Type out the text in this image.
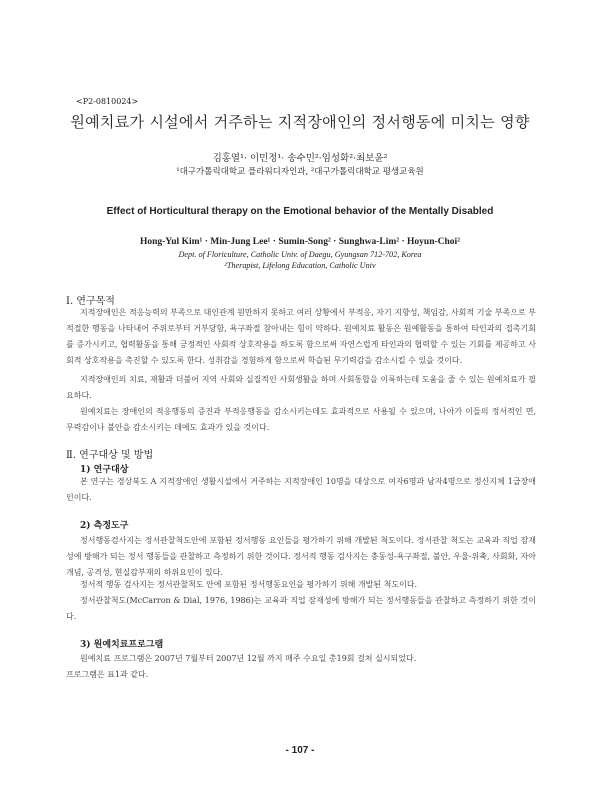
<P2-0810024>
원예치료가 시설에서 거주하는 지적장애인의 정서행동에 미치는 영향
김홍열¹· 이민정¹· 송수민²·임성화²·최보윤²
¹대구가톨릭대학교 플라워디자인과, ²대구가톨릭대학교 평생교육원
Effect of Horticultural therapy on the Emotional behavior of the Mentally Disabled
Hong-Yul Kim¹ · Min-Jung Lee¹ · Sumin-Song² · Sunghwa-Lim² · Hoyun-Choi²
Dept. of Floriculture, Catholic Univ. of Daegu, Gyungsan 712-702, Korea
²Therapist, Lifelong Education, Catholic Univ
Ⅰ. 연구목적
지적장애인은 적응능력의 부족으로 대인관계 원만하지 못하고 여러 상황에서 부적응, 자기 지향성, 책임감, 사회적 기술 부족으로 부적절한 행동을 나타내어 주위로부터 거부당함, 욕구좌절 참아내는 힘이 약하다. 원예치료 활동은 원예활동을 통하여 타인과의 접촉기회를 증가시키고, 협력활동을 통해 긍정적인 사회적 상호작용을 하도록 함으로써 자연스럽게 타인과의 협력할 수 있는 기회를 제공하고 사회적 상호작용을 촉진할 수 있도록 한다. 성취감을 경험하게 함으로써 학습된 무기력감을 감소시킬 수 있을 것이다.
지적장애인의 치료, 재활과 더불어 지역 사회와 실질적인 사회생활을 하며 사회통합을 이룩하는데 도움을 줄 수 있는 원예치료가 필요하다.
원예치료는 장애인의 적응행동의 증진과 부적응행동을 감소시키는데도 효과적으로 사용될 수 있으며, 나아가 이들의 정서적인 면, 무력감이나 불안을 감소시키는 데에도 효과가 있을 것이다.
Ⅱ. 연구대상 및 방법
1) 연구대상
본 연구는 경상북도 A 지적장애인 생활시설에서 거주하는 지적장애인 10명을 대상으로 여자6명과 남자4명으로 정신지체 1급장애인이다.
2) 측정도구
정서행동검사지는 정서관찰척도안에 포함된 정서행동 요인들을 평가하기 위해 개발된 척도이다. 정서관찰 척도는 교육과 직업 잠재성에 방해가 되는 정서 행동들을 관찰하고 측정하기 위한 것이다. 정서적 행동 검사지는 충동성-욕구좌절, 불안, 우울-위축, 사회화, 자아개념, 공격성, 현실감부재의 하위요인이 있다.
정서적 행동 검사지는 정서관찰척도 안에 포함된 정서행동요인을 평가하기 위해 개발된 척도이다.
정서관찰척도(McCarron & Dial, 1976, 1986)는 교육과 직업 잠재성에 방해가 되는 정서행동들을 관찰하고 측정하기 위한 것이다.
3) 원예치료프로그램
원예치료 프로그램은 2007년 7월부터 2007년 12월 까지 매주 수요일 총19회 걸쳐 실시되었다.
프로그램은 표1과 같다.
- 107 -
